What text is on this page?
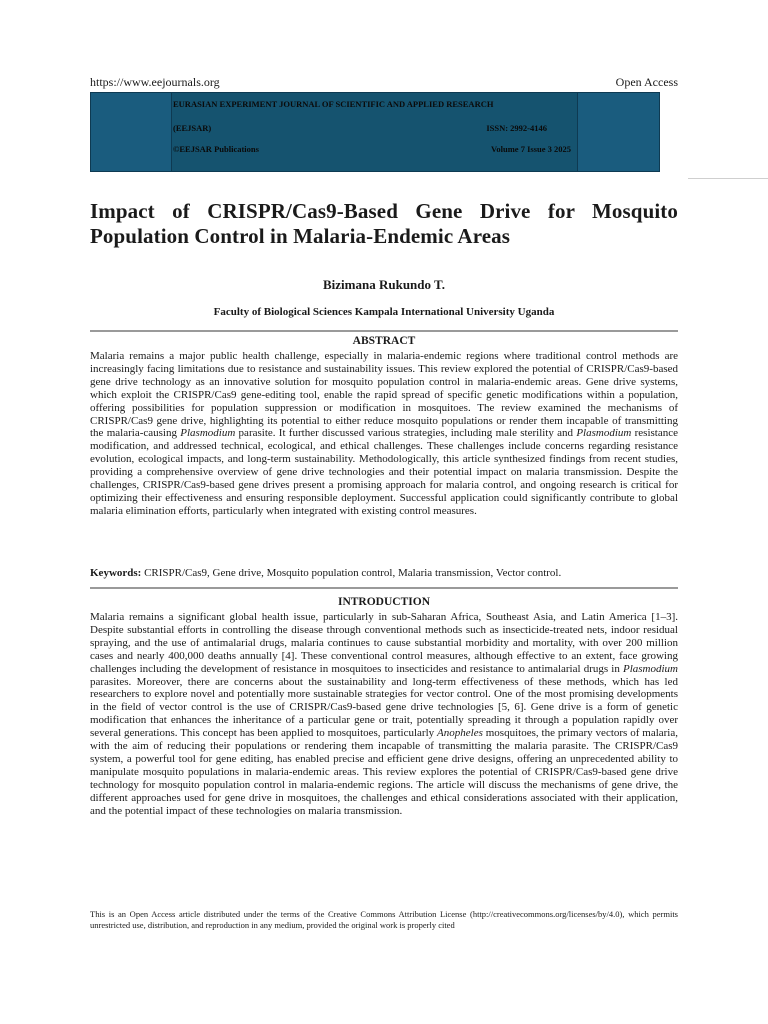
https://www.eejournals.org	Open Access
EURASIAN EXPERIMENT JOURNAL OF SCIENTIFIC AND APPLIED RESEARCH
(EEJSAR)	ISSN: 2992-4146
©EEJSAR Publications	Volume 7 Issue 3 2025
Impact of CRISPR/Cas9-Based Gene Drive for Mosquito Population Control in Malaria-Endemic Areas
Bizimana Rukundo T.
Faculty of Biological Sciences Kampala International University Uganda
ABSTRACT
Malaria remains a major public health challenge, especially in malaria-endemic regions where traditional control methods are increasingly facing limitations due to resistance and sustainability issues. This review explored the potential of CRISPR/Cas9-based gene drive technology as an innovative solution for mosquito population control in malaria-endemic areas. Gene drive systems, which exploit the CRISPR/Cas9 gene-editing tool, enable the rapid spread of specific genetic modifications within a population, offering possibilities for population suppression or modification in mosquitoes. The review examined the mechanisms of CRISPR/Cas9 gene drive, highlighting its potential to either reduce mosquito populations or render them incapable of transmitting the malaria-causing Plasmodium parasite. It further discussed various strategies, including male sterility and Plasmodium resistance modification, and addressed technical, ecological, and ethical challenges. These challenges include concerns regarding resistance evolution, ecological impacts, and long-term sustainability. Methodologically, this article synthesized findings from recent studies, providing a comprehensive overview of gene drive technologies and their potential impact on malaria transmission. Despite the challenges, CRISPR/Cas9-based gene drives present a promising approach for malaria control, and ongoing research is critical for optimizing their effectiveness and ensuring responsible deployment. Successful application could significantly contribute to global malaria elimination efforts, particularly when integrated with existing control measures.
Keywords: CRISPR/Cas9, Gene drive, Mosquito population control, Malaria transmission, Vector control.
INTRODUCTION
Malaria remains a significant global health issue, particularly in sub-Saharan Africa, Southeast Asia, and Latin America [1–3]. Despite substantial efforts in controlling the disease through conventional methods such as insecticide-treated nets, indoor residual spraying, and the use of antimalarial drugs, malaria continues to cause substantial morbidity and mortality, with over 200 million cases and nearly 400,000 deaths annually [4]. These conventional control measures, although effective to an extent, face growing challenges including the development of resistance in mosquitoes to insecticides and resistance to antimalarial drugs in Plasmodium parasites. Moreover, there are concerns about the sustainability and long-term effectiveness of these methods, which has led researchers to explore novel and potentially more sustainable strategies for vector control. One of the most promising developments in the field of vector control is the use of CRISPR/Cas9-based gene drive technologies [5, 6]. Gene drive is a form of genetic modification that enhances the inheritance of a particular gene or trait, potentially spreading it through a population rapidly over several generations. This concept has been applied to mosquitoes, particularly Anopheles mosquitoes, the primary vectors of malaria, with the aim of reducing their populations or rendering them incapable of transmitting the malaria parasite. The CRISPR/Cas9 system, a powerful tool for gene editing, has enabled precise and efficient gene drive designs, offering an unprecedented ability to manipulate mosquito populations in malaria-endemic areas. This review explores the potential of CRISPR/Cas9-based gene drive technology for mosquito population control in malaria-endemic regions. The article will discuss the mechanisms of gene drive, the different approaches used for gene drive in mosquitoes, the challenges and ethical considerations associated with their application, and the potential impact of these technologies on malaria transmission.
This is an Open Access article distributed under the terms of the Creative Commons Attribution License (http://creativecommons.org/licenses/by/4.0), which permits unrestricted use, distribution, and reproduction in any medium, provided the original work is properly cited
